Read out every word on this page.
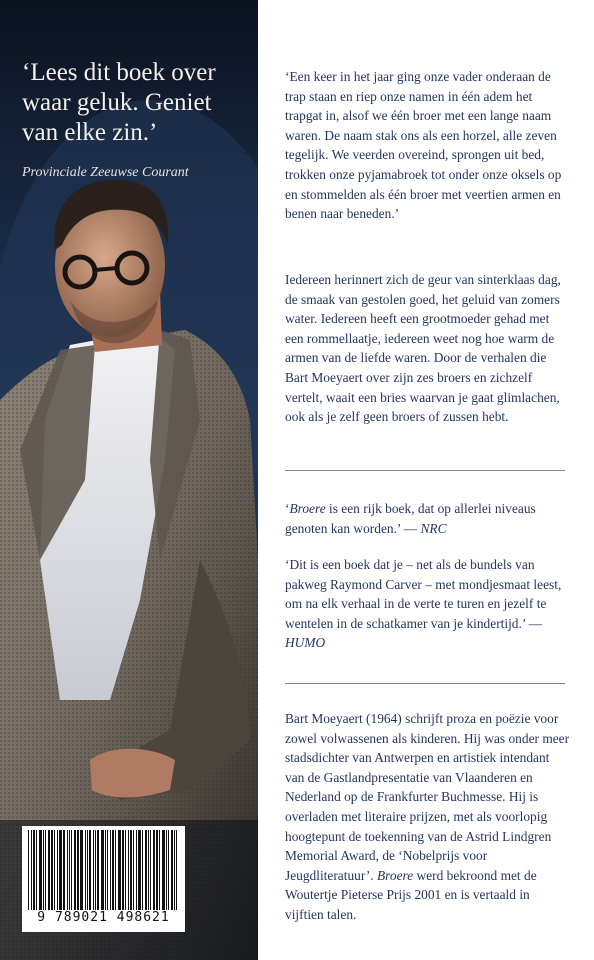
‘Lees dit boek over waar geluk. Geniet van elke zin.’
Provinciale Zeeuwse Courant
9 789021 498621

‘Een keer in het jaar ging onze vader onderaan de trap staan en riep onze namen in één adem het trapgat in, alsof we één broer met een lange naam waren. De naam stak ons als een horzel, alle zeven tegelijk. We veerden overeind, sprongen uit bed, trokken onze pyjamabroek tot onder onze oksels op en stommelden als één broer met veertien armen en benen naar beneden.’

Iedereen herinnert zich de geur van sinterklaas dag, de smaak van gestolen goed, het geluid van zomers water. Iedereen heeft een grootmoeder gehad met een rommellaatje, iedereen weet nog hoe warm de armen van de liefde waren. Door de verhalen die Bart Moeyaert over zijn zes broers en zichzelf vertelt, waait een bries waarvan je gaat glimlachen, ook als je zelf geen broers of zussen hebt.

‘Broere is een rijk boek, dat op allerlei niveaus genoten kan worden.’ — NRC

‘Dit is een boek dat je – net als de bundels van pakweg Raymond Carver – met mondjesmaat leest, om na elk verhaal in de verte te turen en jezelf te wentelen in de schatkamer van je kindertijd.’ — HUMO

Bart Moeyaert (1964) schrijft proza en poëzie voor zowel volwassenen als kinderen. Hij was onder meer stadsdichter van Antwerpen en artistiek intendant van de Gastlandpresentatie van Vlaanderen en Nederland op de Frankfurter Buchmesse. Hij is overladen met literaire prijzen, met als voorlopig hoogtepunt de toekenning van de Astrid Lindgren Memorial Award, de ‘Nobelprijs voor Jeugdliteratuur’. Broere werd bekroond met de Woutertje Pieterse Prijs 2001 en is vertaald in vijftien talen.
